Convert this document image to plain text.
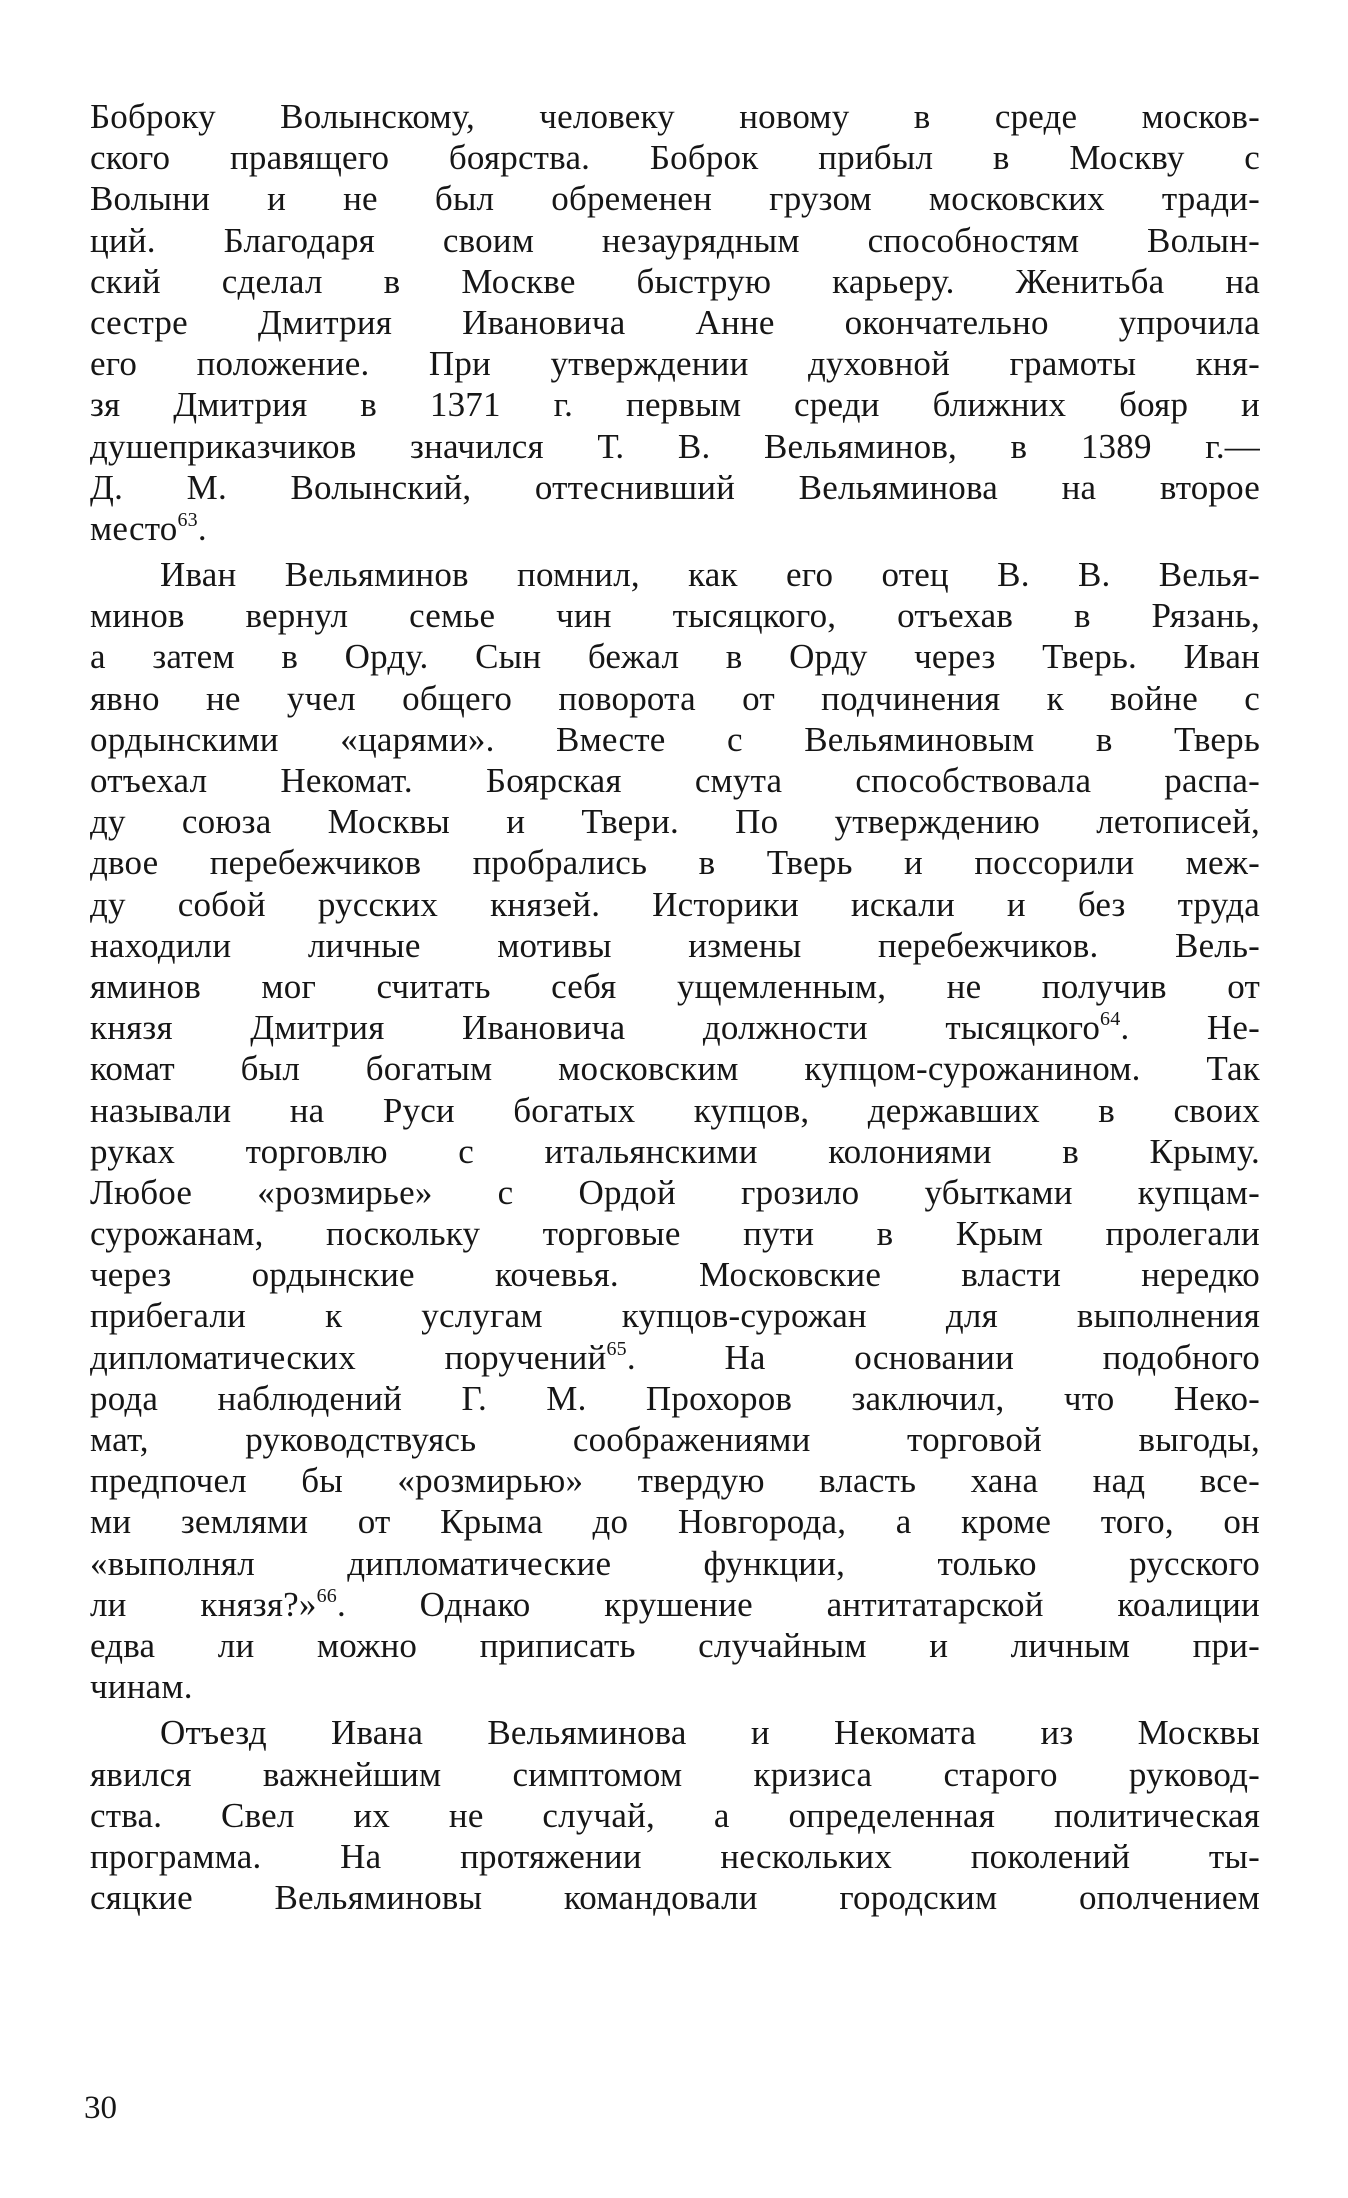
Боброку Волынскому, человеку новому в среде москов-
ского правящего боярства. Боброк прибыл в Москву с
Волыни и не был обременен грузом московских тради-
ций. Благодаря своим незаурядным способностям Волын-
ский сделал в Москве быструю карьеру. Женитьба на
сестре Дмитрия Ивановича Анне окончательно упрочила
его положение. При утверждении духовной грамоты кня-
зя Дмитрия в 1371 г. первым среди ближних бояр и
душеприказчиков значился Т. В. Вельяминов, в 1389 г.—
Д. М. Волынский, оттеснивший Вельяминова на второе
место$^{63}$.
Иван Вельяминов помнил, как его отец В. В. Велья-
минов вернул семье чин тысяцкого, отъехав в Рязань,
а затем в Орду. Сын бежал в Орду через Тверь. Иван
явно не учел общего поворота от подчинения к войне с
ордынскими «царями». Вместе с Вельяминовым в Тверь
отъехал Некомат. Боярская смута способствовала распа-
ду союза Москвы и Твери. По утверждению летописей,
двое перебежчиков пробрались в Тверь и поссорили меж-
ду собой русских князей. Историки искали и без труда
находили личные мотивы измены перебежчиков. Вель-
яминов мог считать себя ущемленным, не получив от
князя Дмитрия Ивановича должности тысяцкого$^{64}$. Не-
комат был богатым московским купцом-сурожанином. Так
называли на Руси богатых купцов, державших в своих
руках торговлю с итальянскими колониями в Крыму.
Любое «розмирье» с Ордой грозило убытками купцам-
сурожанам, поскольку торговые пути в Крым пролегали
через ордынские кочевья. Московские власти нередко
прибегали к услугам купцов-сурожан для выполнения
дипломатических поручений$^{65}$. На основании подобного
рода наблюдений Г. М. Прохоров заключил, что Неко-
мат, руководствуясь соображениями торговой выгоды,
предпочел бы «розмирью» твердую власть хана над все-
ми землями от Крыма до Новгорода, а кроме того, он
«выполнял дипломатические функции, только русского
ли князя?»$^{66}$. Однако крушение антитатарской коалиции
едва ли можно приписать случайным и личным при-
чинам.
Отъезд Ивана Вельяминова и Некомата из Москвы
явился важнейшим симптомом кризиса старого руковод-
ства. Свел их не случай, а определенная политическая
программа. На протяжении нескольких поколений ты-
сяцкие Вельяминовы командовали городским ополчением
30
